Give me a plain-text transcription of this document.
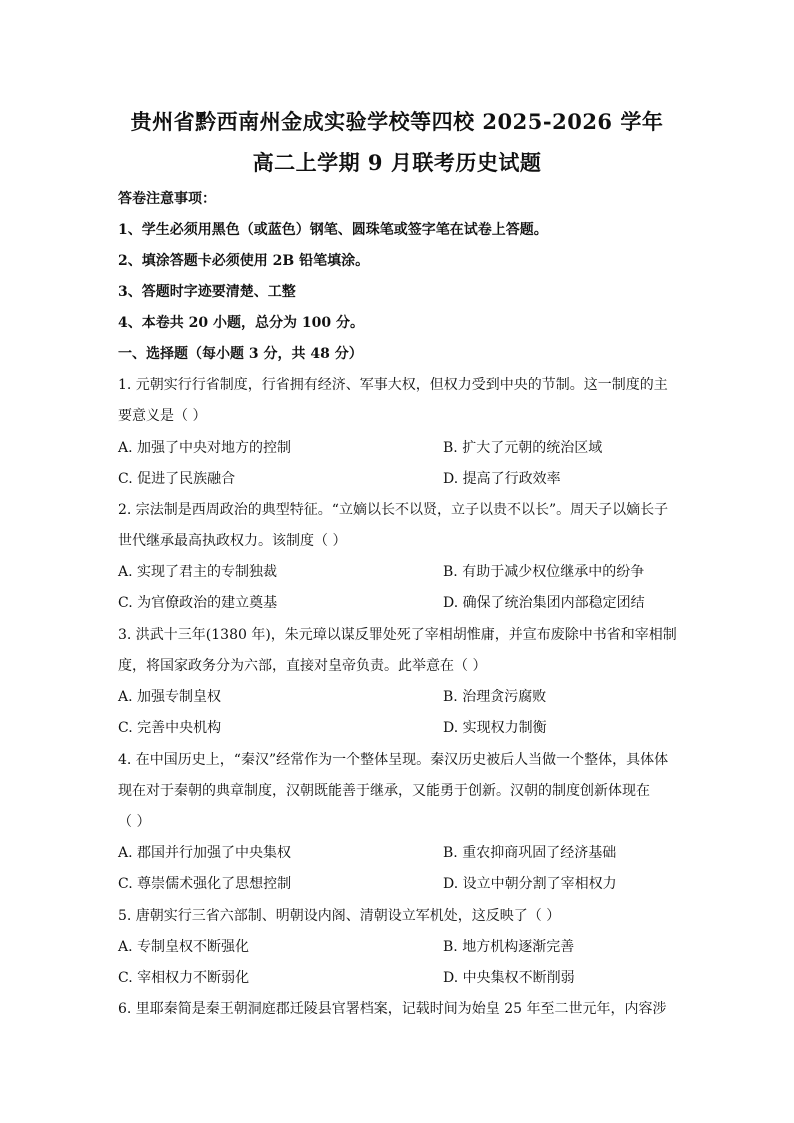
贵州省黔西南州金成实验学校等四校 2025-2026 学年
高二上学期 9 月联考历史试题
答卷注意事项：
1、学生必须用黑色（或蓝色）钢笔、圆珠笔或签字笔在试卷上答题。
2、填涂答题卡必须使用 2B 铅笔填涂。
3、答题时字迹要清楚、工整
4、本卷共 20 小题，总分为 100 分。
一、选择题（每小题 3 分，共 48 分）
1. 元朝实行行省制度，行省拥有经济、军事大权，但权力受到中央的节制。这一制度的主
要意义是（ ）
A. 加强了中央对地方的控制	B. 扩大了元朝的统治区域
C. 促进了民族融合	D. 提高了行政效率
2. 宗法制是西周政治的典型特征。“立嫡以长不以贤，立子以贵不以长”。周天子以嫡长子
世代继承最高执政权力。该制度（ ）
A. 实现了君主的专制独裁	B. 有助于减少权位继承中的纷争
C. 为官僚政治的建立奠基	D. 确保了统治集团内部稳定团结
3. 洪武十三年(1380 年)，朱元璋以谋反罪处死了宰相胡惟庸，并宣布废除中书省和宰相制
度，将国家政务分为六部，直接对皇帝负责。此举意在（ ）
A. 加强专制皇权	B. 治理贪污腐败
C. 完善中央机构	D. 实现权力制衡
4. 在中国历史上，“秦汉”经常作为一个整体呈现。秦汉历史被后人当做一个整体，具体体
现在对于秦朝的典章制度，汉朝既能善于继承，又能勇于创新。汉朝的制度创新体现在
（ ）
A. 郡国并行加强了中央集权	B. 重农抑商巩固了经济基础
C. 尊崇儒术强化了思想控制	D. 设立中朝分割了宰相权力
5. 唐朝实行三省六部制、明朝设内阁、清朝设立军机处，这反映了（ ）
A. 专制皇权不断强化	B. 地方机构逐渐完善
C. 宰相权力不断弱化	D. 中央集权不断削弱
6. 里耶秦简是秦王朝洞庭郡迁陵县官署档案，记载时间为始皇 25 年至二世元年，内容涉
